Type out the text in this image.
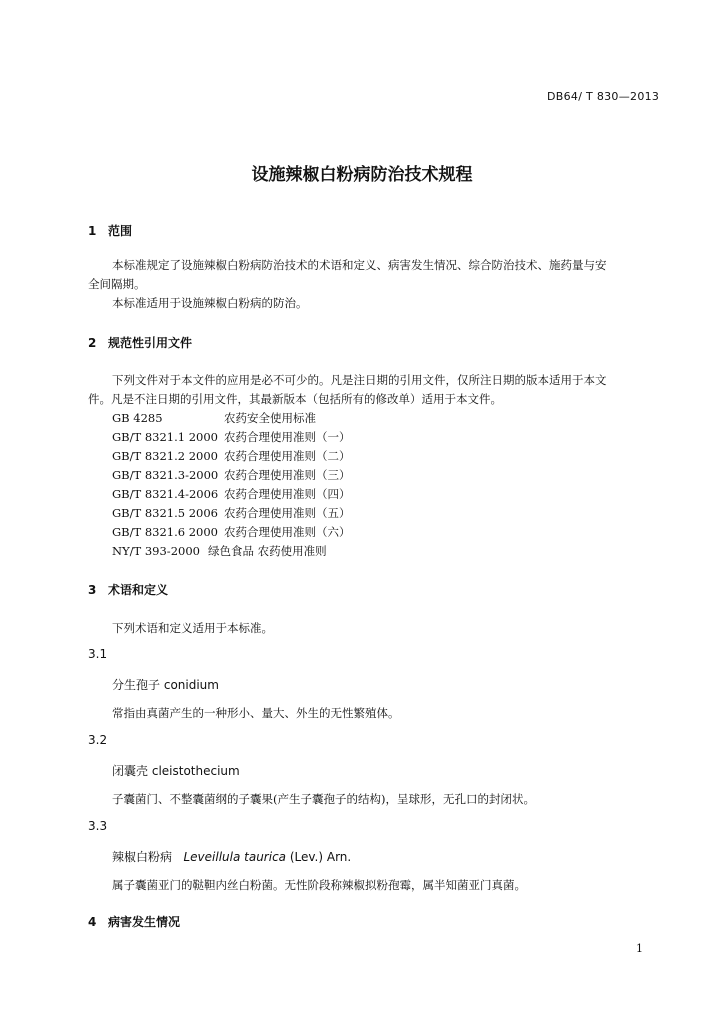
DB64/ T 830—2013
设施辣椒白粉病防治技术规程
1 范围
本标准规定了设施辣椒白粉病防治技术的术语和定义、病害发生情况、综合防治技术、施药量与安
全间隔期。
本标准适用于设施辣椒白粉病的防治。
2 规范性引用文件
下列文件对于本文件的应用是必不可少的。凡是注日期的引用文件，仅所注日期的版本适用于本文
件。凡是不注日期的引用文件，其最新版本（包括所有的修改单）适用于本文件。
GB 4285	农药安全使用标准
GB/T 8321.1 2000 农药合理使用准则（一）
GB/T 8321.2 2000 农药合理使用准则（二）
GB/T 8321.3-2000 农药合理使用准则（三）
GB/T 8321.4-2006 农药合理使用准则（四）
GB/T 8321.5 2006 农药合理使用准则（五）
GB/T 8321.6 2000 农药合理使用准则（六）
NY/T 393-2000 绿色食品 农药使用准则
3 术语和定义
下列术语和定义适用于本标准。
3.1
分生孢子 conidium
常指由真菌产生的一种形小、量大、外生的无性繁殖体。
3.2
闭囊壳 cleistothecium
子囊菌门、不整囊菌纲的子囊果(产生子囊孢子的结构)，呈球形，无孔口的封闭状。
3.3
辣椒白粉病 Leveillula taurica (Lev.) Arn.
属子囊菌亚门的鞑靼内丝白粉菌。无性阶段称辣椒拟粉孢霉，属半知菌亚门真菌。
4 病害发生情况
1
